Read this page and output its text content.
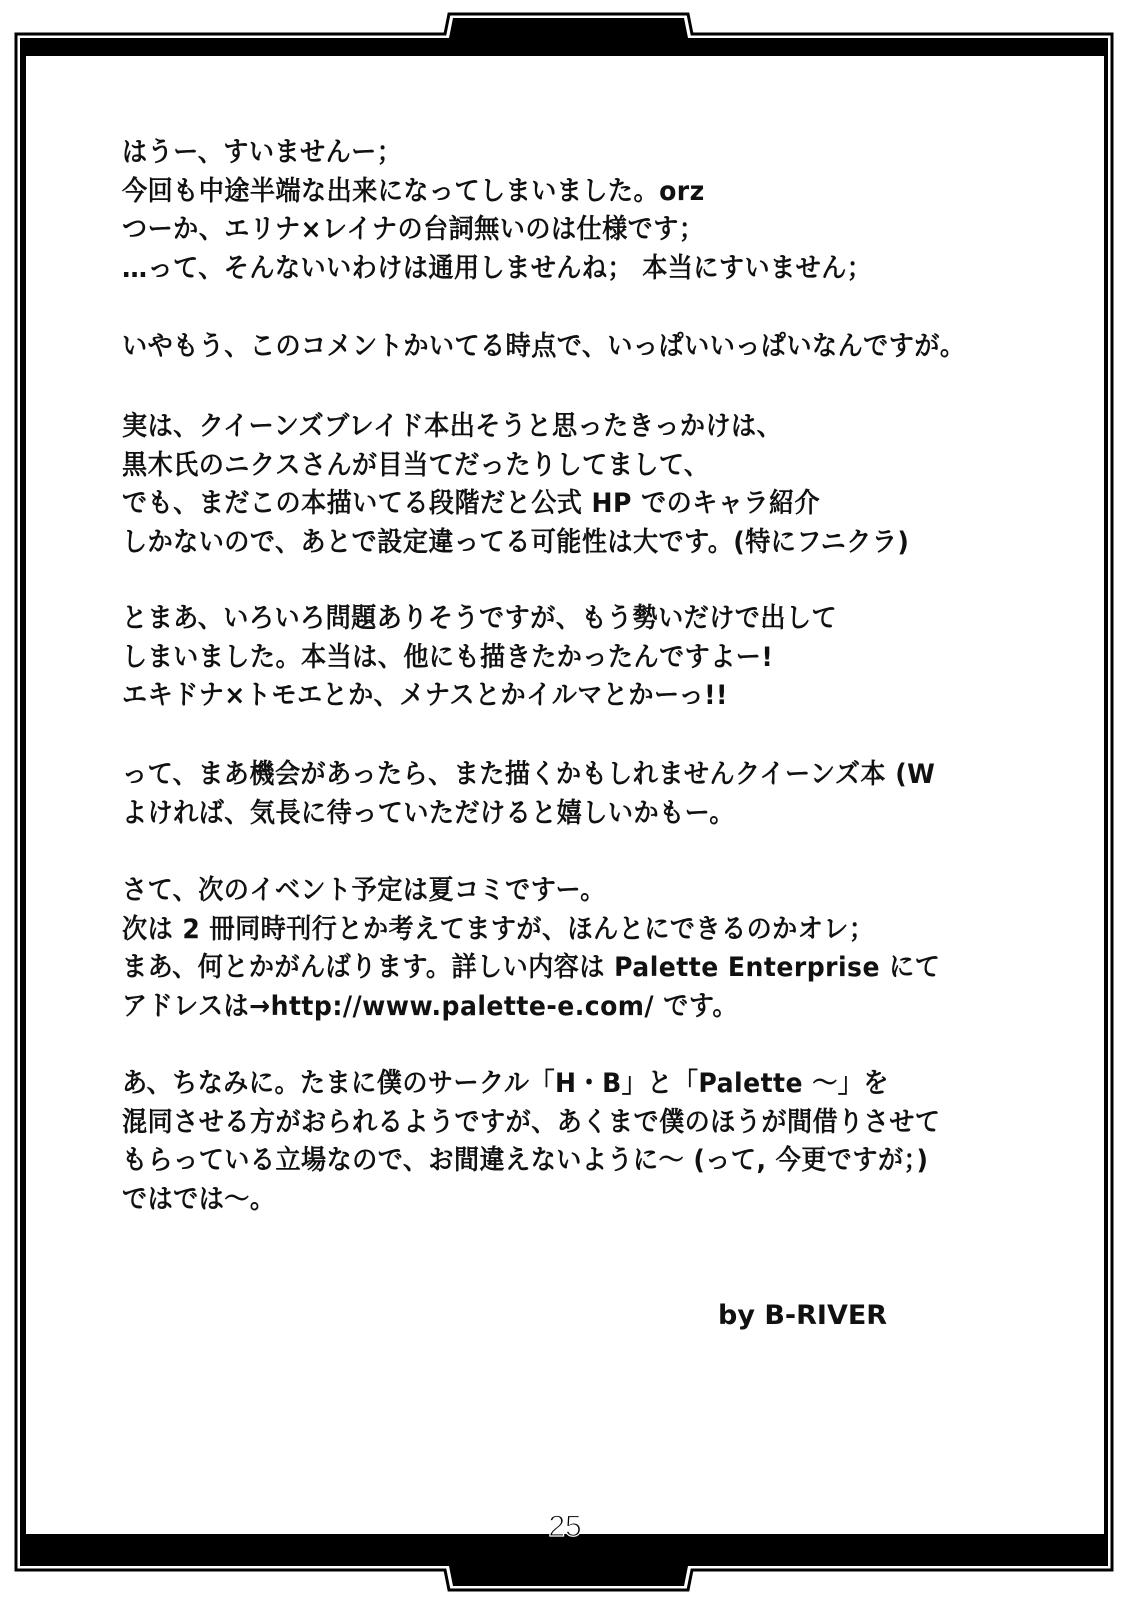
はうー、すいませんー；
今回も中途半端な出来になってしまいました。orz
つーか、エリナ×レイナの台詞無いのは仕様です；
…って、そんないいわけは通用しませんね； 本当にすいません；
いやもう、このコメントかいてる時点で、いっぱいいっぱいなんですが。
実は、クイーンズブレイド本出そうと思ったきっかけは、
黒木氏のニクスさんが目当てだったりしてまして、
でも、まだこの本描いてる段階だと公式 HP でのキャラ紹介
しかないので、あとで設定違ってる可能性は大です。(特にフニクラ)
とまあ、いろいろ問題ありそうですが、もう勢いだけで出して
しまいました。本当は、他にも描きたかったんですよー!
エキドナ×トモエとか、メナスとかイルマとかーっ!!
って、まあ機会があったら、また描くかもしれませんクイーンズ本 (W
よければ、気長に待っていただけると嬉しいかもー。
さて、次のイベント予定は夏コミですー。
次は 2 冊同時刊行とか考えてますが、ほんとにできるのかオレ；
まあ、何とかがんばります。詳しい内容は Palette Enterprise にて
アドレスは→http://www.palette-e.com/ です。
あ、ちなみに。たまに僕のサークル「H・B」と「Palette ～」を
混同させる方がおられるようですが、あくまで僕のほうが間借りさせて
もらっている立場なので、お間違えないように～ (って, 今更ですが；)
ではでは～。
by B-RIVER
25
